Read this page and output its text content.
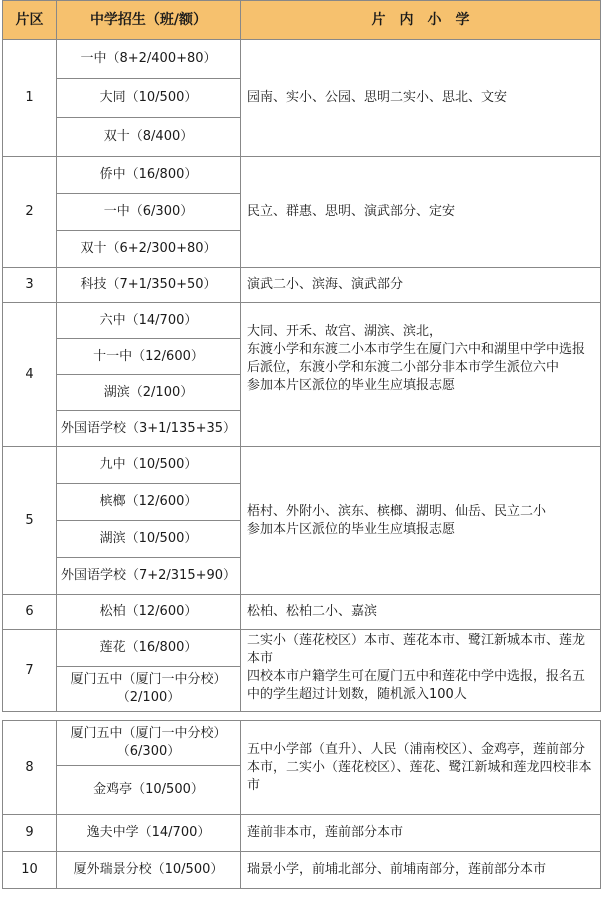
片区	中学招生（班/额）	片　内　小　学
1	一中（8+2/400+80）	园南、实小、公园、思明二实小、思北、文安
	大同（10/500）	
	双十（8/400）	
2	侨中（16/800）	民立、群惠、思明、演武部分、定安
	一中（6/300）	
	双十（6+2/300+80）	
3	科技（7+1/350+50）	演武二小、滨海、演武部分
4	六中（14/700）	大同、开禾、故宫、湖滨、滨北，
东渡小学和东渡二小本市学生在厦门六中和湖里中学中选报后派位，东渡小学和东渡二小部分非本市学生派位六中
参加本片区派位的毕业生应填报志愿

	十一中（12/600）	
	湖滨（2/100）	
	外国语学校（3+1/135+35）	
5	九中（10/500）	梧村、外附小、滨东、槟榔、湖明、仙岳、民立二小
参加本片区派位的毕业生应填报志愿

	槟榔（12/600）	
	湖滨（10/500）	
	外国语学校（7+2/315+90）	
6	松柏（12/600）	松柏、松柏二小、嘉滨
7	莲花（16/800）	二实小（莲花校区）本市、莲花本市、鹭江新城本市、莲龙本市
四校本市户籍学生可在厦门五中和莲花中学中选报，报名五中的学生超过计划数，随机派入100人

	厦门五中（厦门一中分校）（2/100）	
8	厦门五中（厦门一中分校）（6/300）	五中小学部（直升）、人民（浦南校区）、金鸡亭，莲前部分本市，二实小（莲花校区）、莲花、鹭江新城和莲龙四校非本市
	金鸡亭（10/500）	
9	逸夫中学（14/700）	莲前非本市，莲前部分本市
10	厦外瑞景分校（10/500）	瑞景小学，前埔北部分、前埔南部分，莲前部分本市
